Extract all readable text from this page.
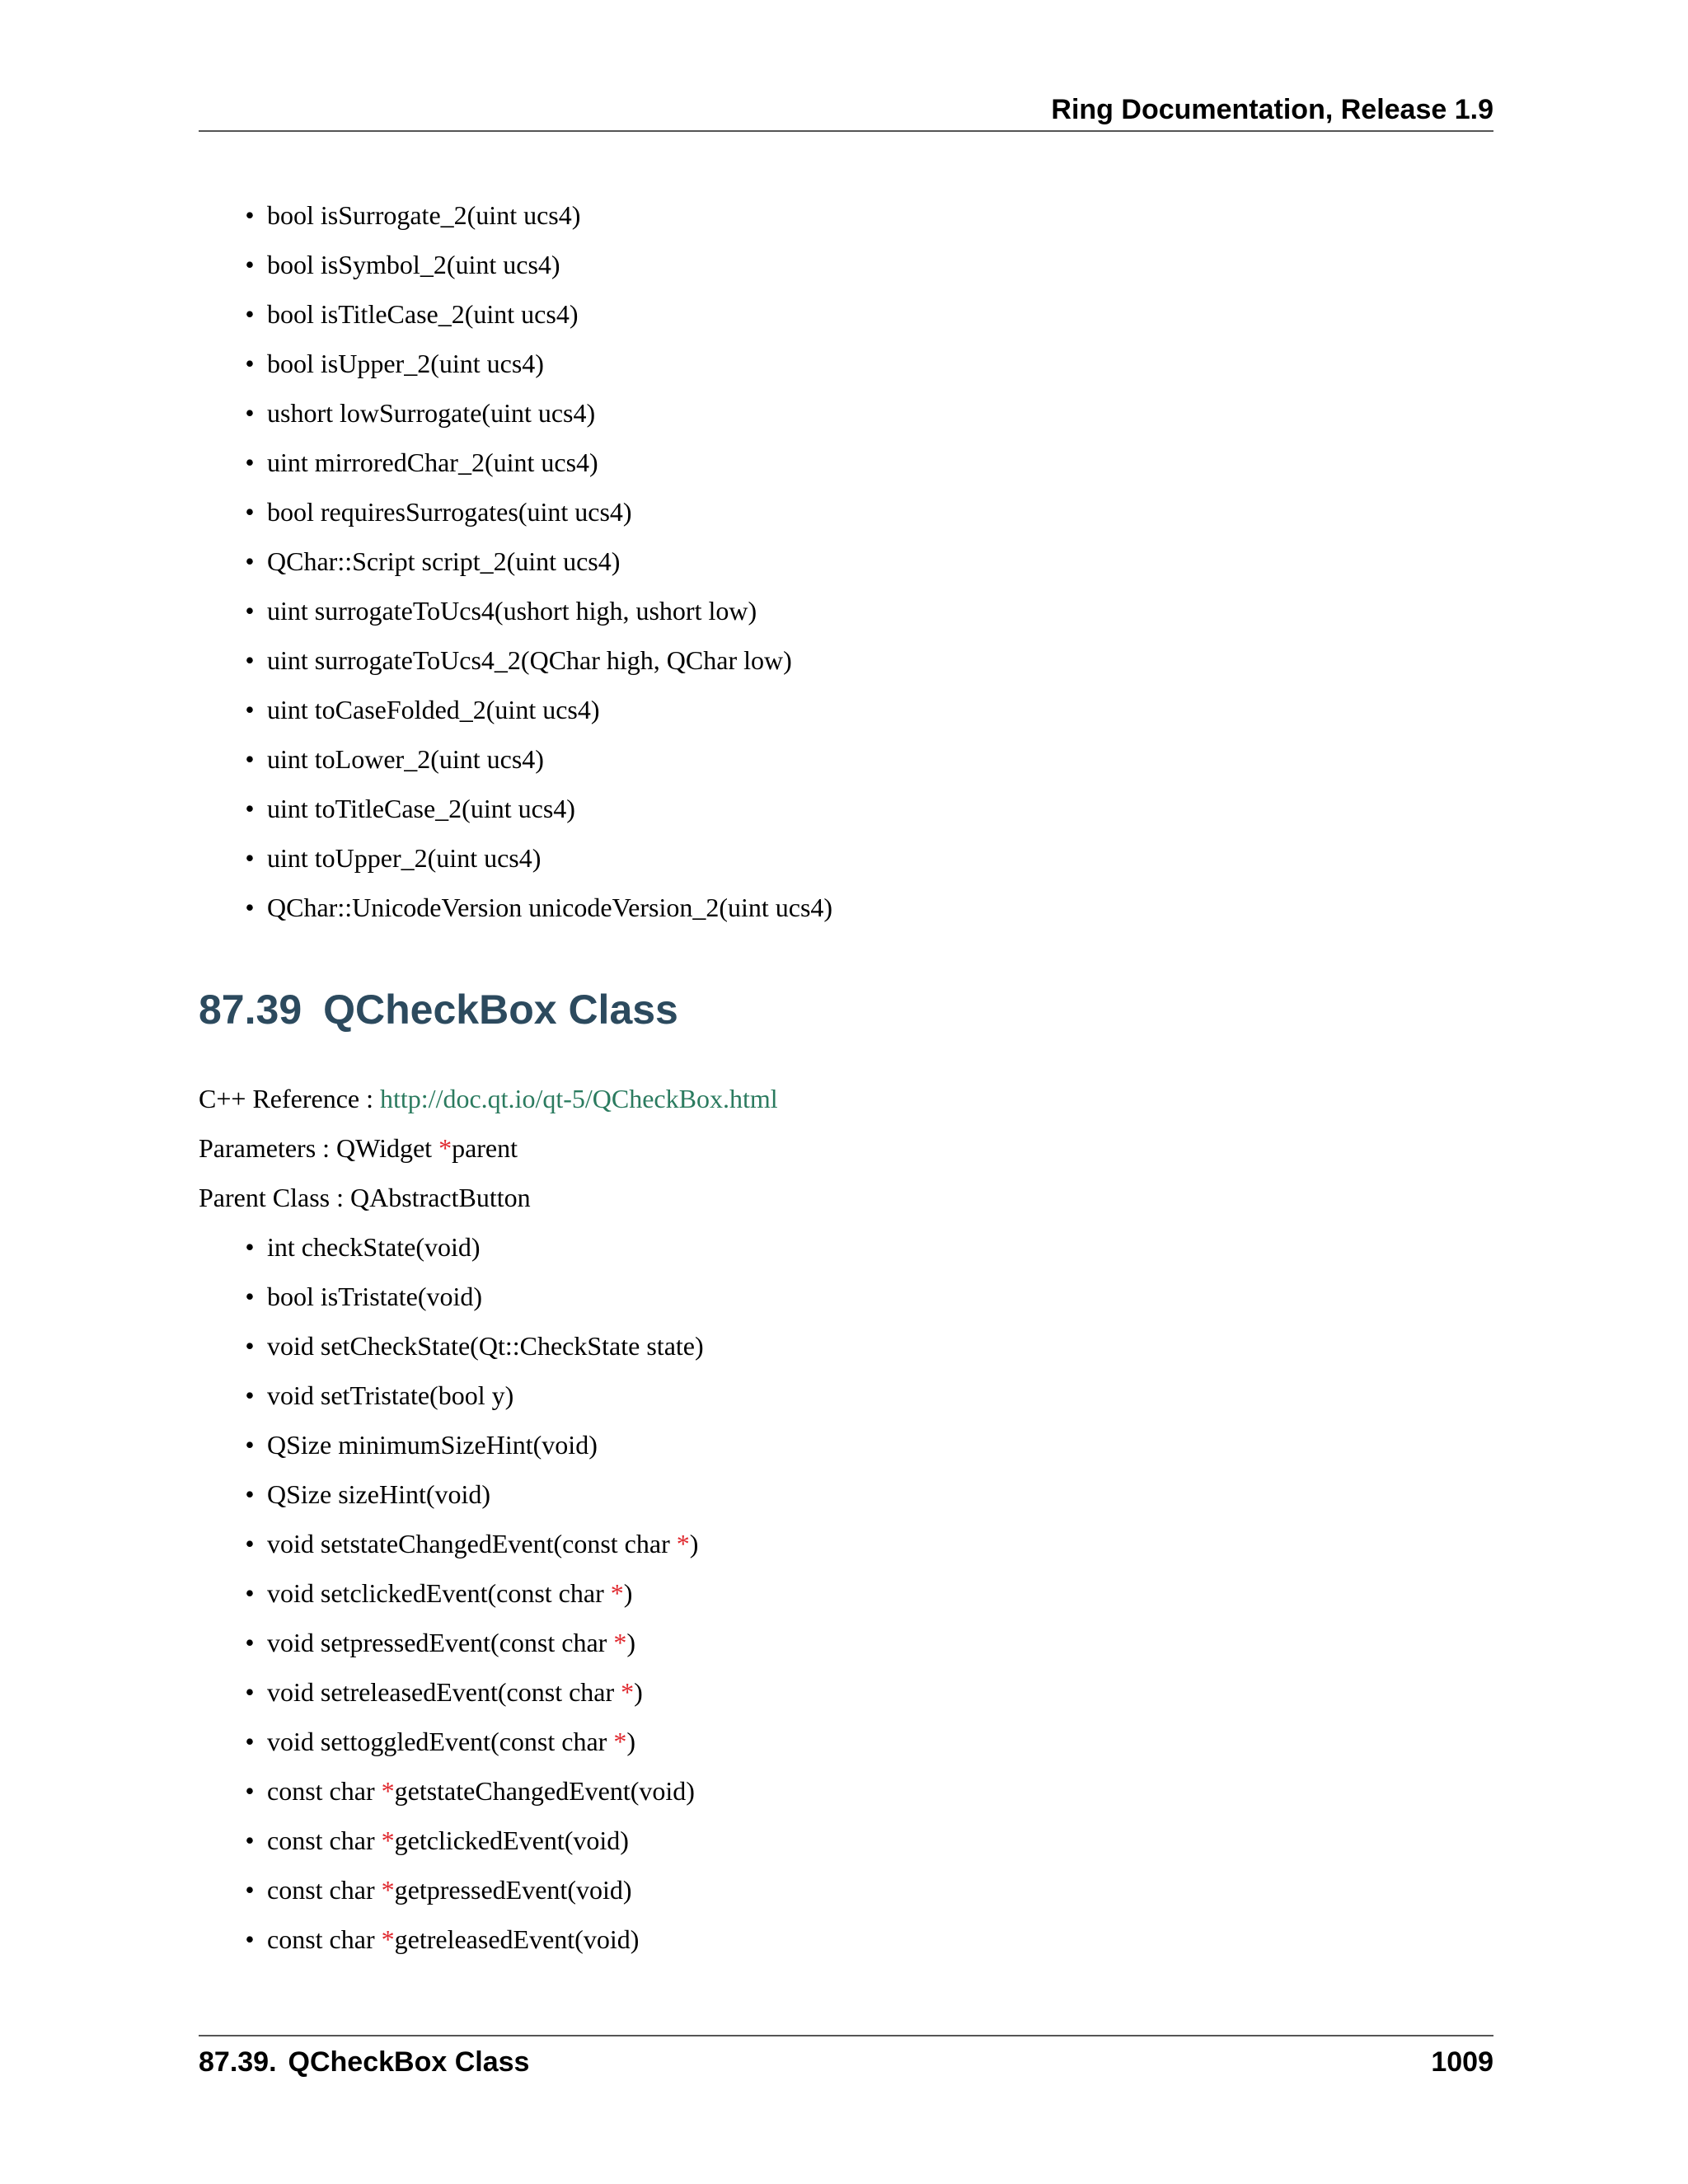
Ring Documentation, Release 1.9
• bool isSurrogate_2(uint ucs4)
• bool isSymbol_2(uint ucs4)
• bool isTitleCase_2(uint ucs4)
• bool isUpper_2(uint ucs4)
• ushort lowSurrogate(uint ucs4)
• uint mirroredChar_2(uint ucs4)
• bool requiresSurrogates(uint ucs4)
• QChar::Script script_2(uint ucs4)
• uint surrogateToUcs4(ushort high, ushort low)
• uint surrogateToUcs4_2(QChar high, QChar low)
• uint toCaseFolded_2(uint ucs4)
• uint toLower_2(uint ucs4)
• uint toTitleCase_2(uint ucs4)
• uint toUpper_2(uint ucs4)
• QChar::UnicodeVersion unicodeVersion_2(uint ucs4)
87.39 QCheckBox Class
C++ Reference : http://doc.qt.io/qt-5/QCheckBox.html
Parameters : QWidget *parent
Parent Class : QAbstractButton
• int checkState(void)
• bool isTristate(void)
• void setCheckState(Qt::CheckState state)
• void setTristate(bool y)
• QSize minimumSizeHint(void)
• QSize sizeHint(void)
• void setstateChangedEvent(const char *)
• void setclickedEvent(const char *)
• void setpressedEvent(const char *)
• void setreleasedEvent(const char *)
• void settoggledEvent(const char *)
• const char *getstateChangedEvent(void)
• const char *getclickedEvent(void)
• const char *getpressedEvent(void)
• const char *getreleasedEvent(void)
87.39. QCheckBox Class	1009
